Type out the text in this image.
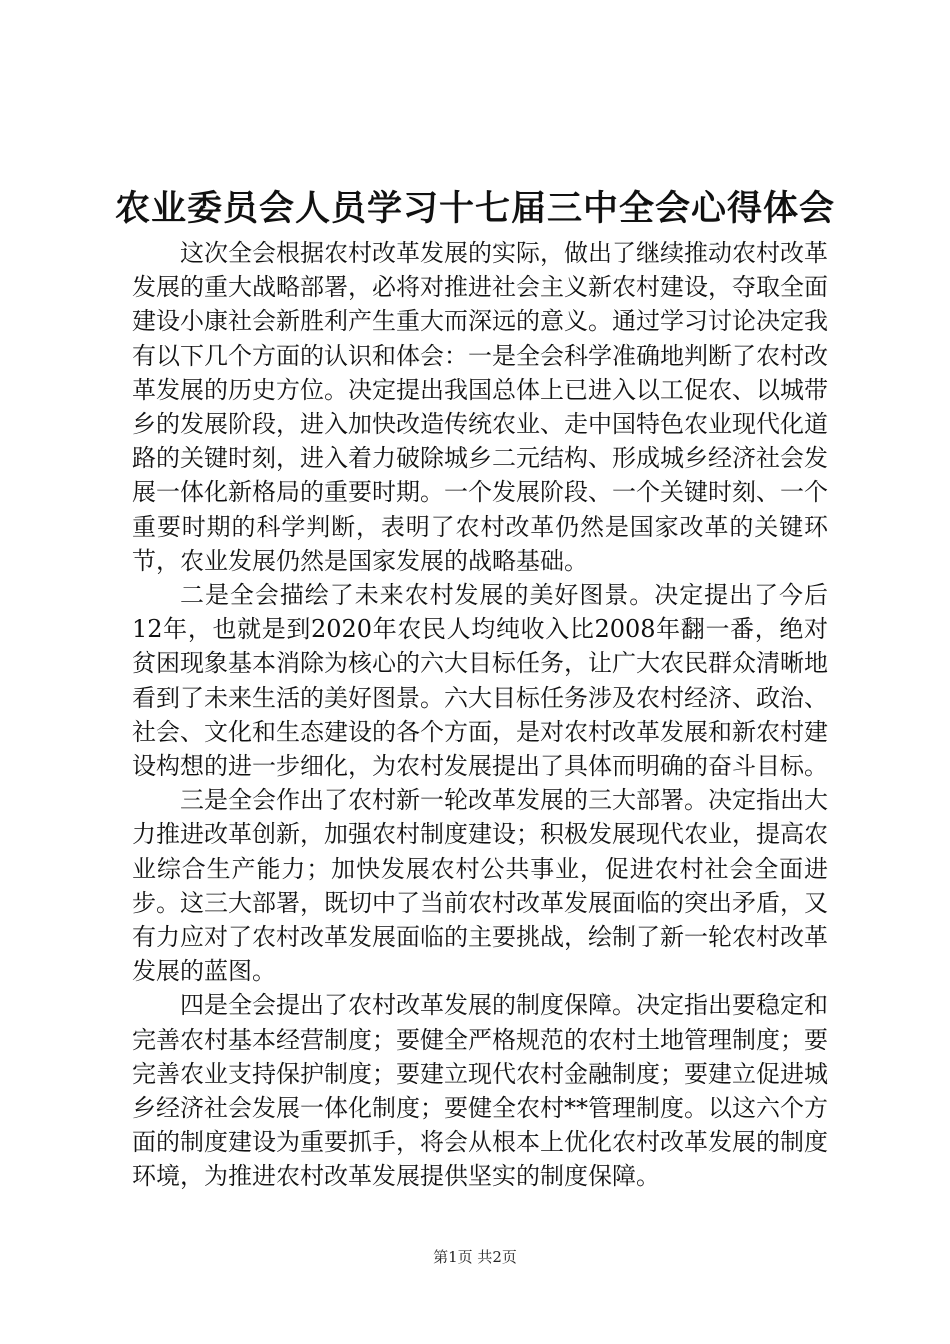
农业委员会人员学习十七届三中全会心得体会

这次全会根据农村改革发展的实际，做出了继续推动农村改革发展的重大战略部署，必将对推进社会主义新农村建设，夺取全面建设小康社会新胜利产生重大而深远的意义。通过学习讨论决定我有以下几个方面的认识和体会：一是全会科学准确地判断了农村改革发展的历史方位。决定提出我国总体上已进入以工促农、以城带乡的发展阶段，进入加快改造传统农业、走中国特色农业现代化道路的关键时刻，进入着力破除城乡二元结构、形成城乡经济社会发展一体化新格局的重要时期。一个发展阶段、一个关键时刻、一个重要时期的科学判断，表明了农村改革仍然是国家改革的关键环节，农业发展仍然是国家发展的战略基础。

二是全会描绘了未来农村发展的美好图景。决定提出了今后12年，也就是到2020年农民人均纯收入比2008年翻一番，绝对贫困现象基本消除为核心的六大目标任务，让广大农民群众清晰地看到了未来生活的美好图景。六大目标任务涉及农村经济、政治、社会、文化和生态建设的各个方面，是对农村改革发展和新农村建设构想的进一步细化，为农村发展提出了具体而明确的奋斗目标。

三是全会作出了农村新一轮改革发展的三大部署。决定指出大力推进改革创新，加强农村制度建设；积极发展现代农业，提高农业综合生产能力；加快发展农村公共事业，促进农村社会全面进步。这三大部署，既切中了当前农村改革发展面临的突出矛盾，又有力应对了农村改革发展面临的主要挑战，绘制了新一轮农村改革发展的蓝图。

四是全会提出了农村改革发展的制度保障。决定指出要稳定和完善农村基本经营制度；要健全严格规范的农村土地管理制度；要完善农业支持保护制度；要建立现代农村金融制度；要建立促进城乡经济社会发展一体化制度；要健全农村**管理制度。以这六个方面的制度建设为重要抓手，将会从根本上优化农村改革发展的制度环境，为推进农村改革发展提供坚实的制度保障。

第1页 共2页
